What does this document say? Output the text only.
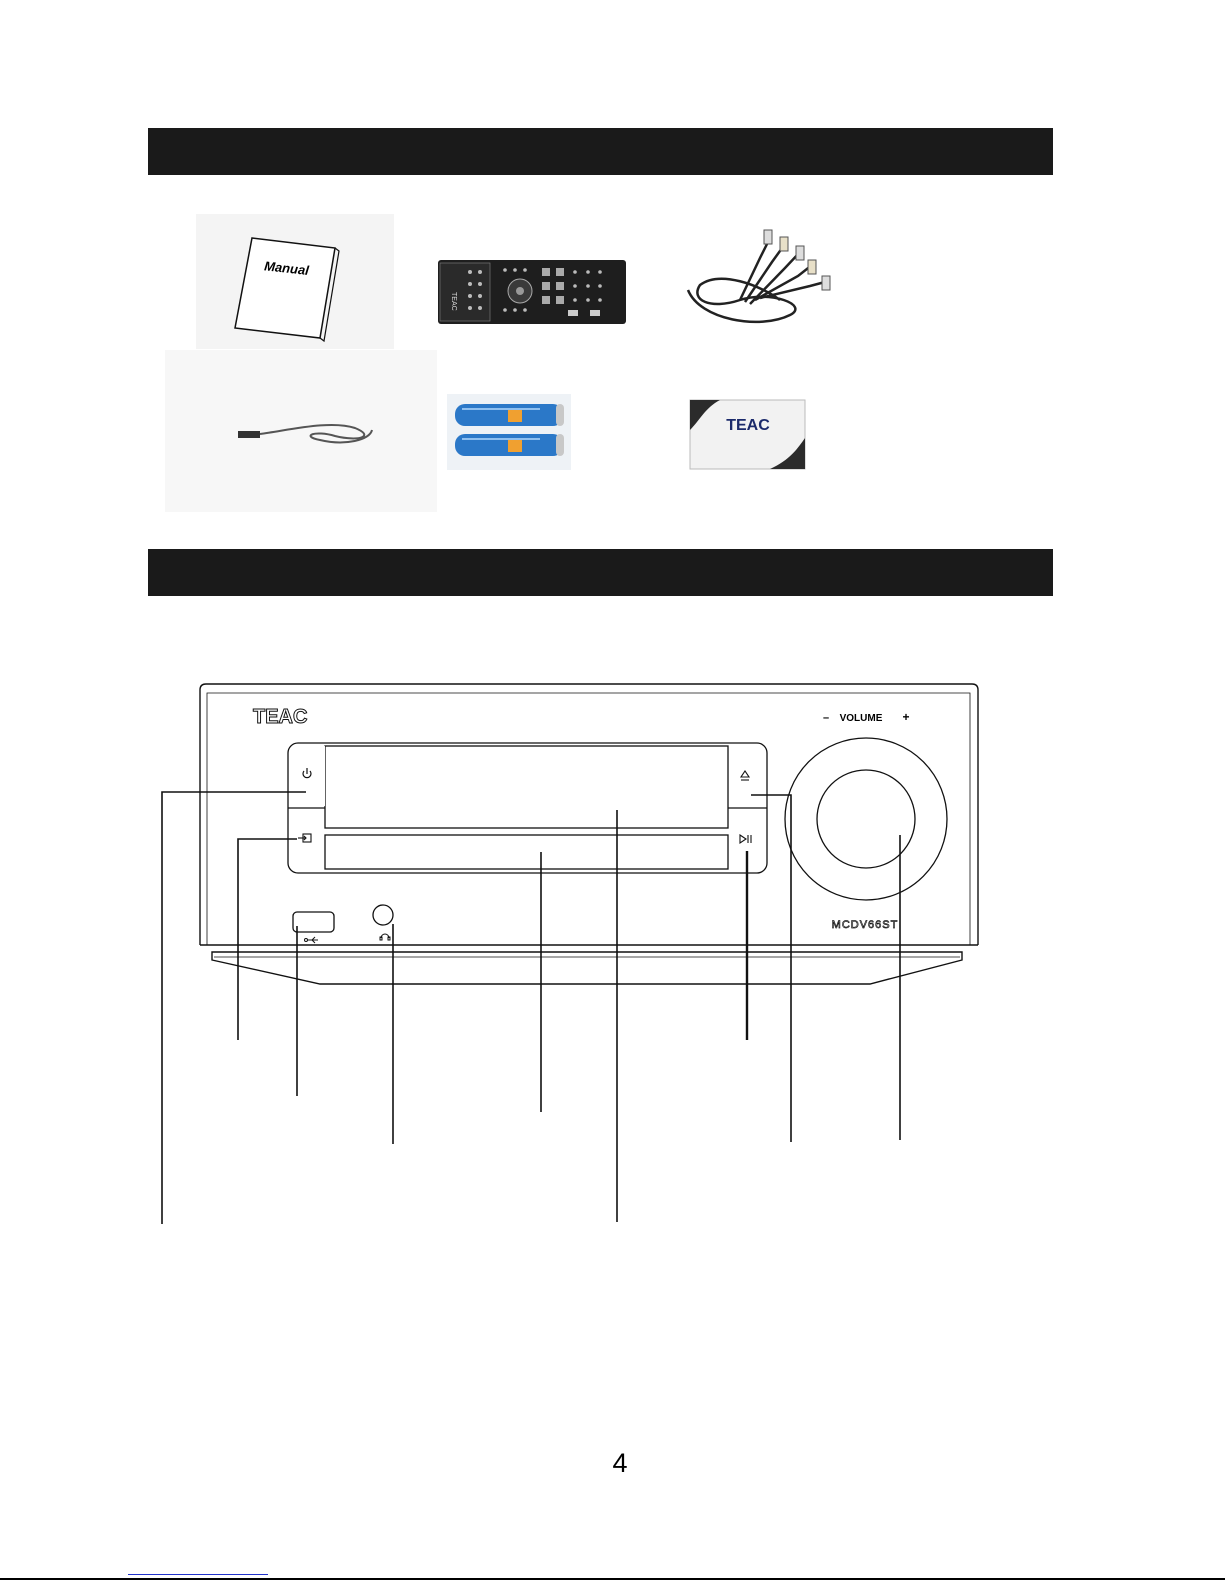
Manual
TEAC
TEAC
TEAC	– VOLUME +
MCDV66ST
4
